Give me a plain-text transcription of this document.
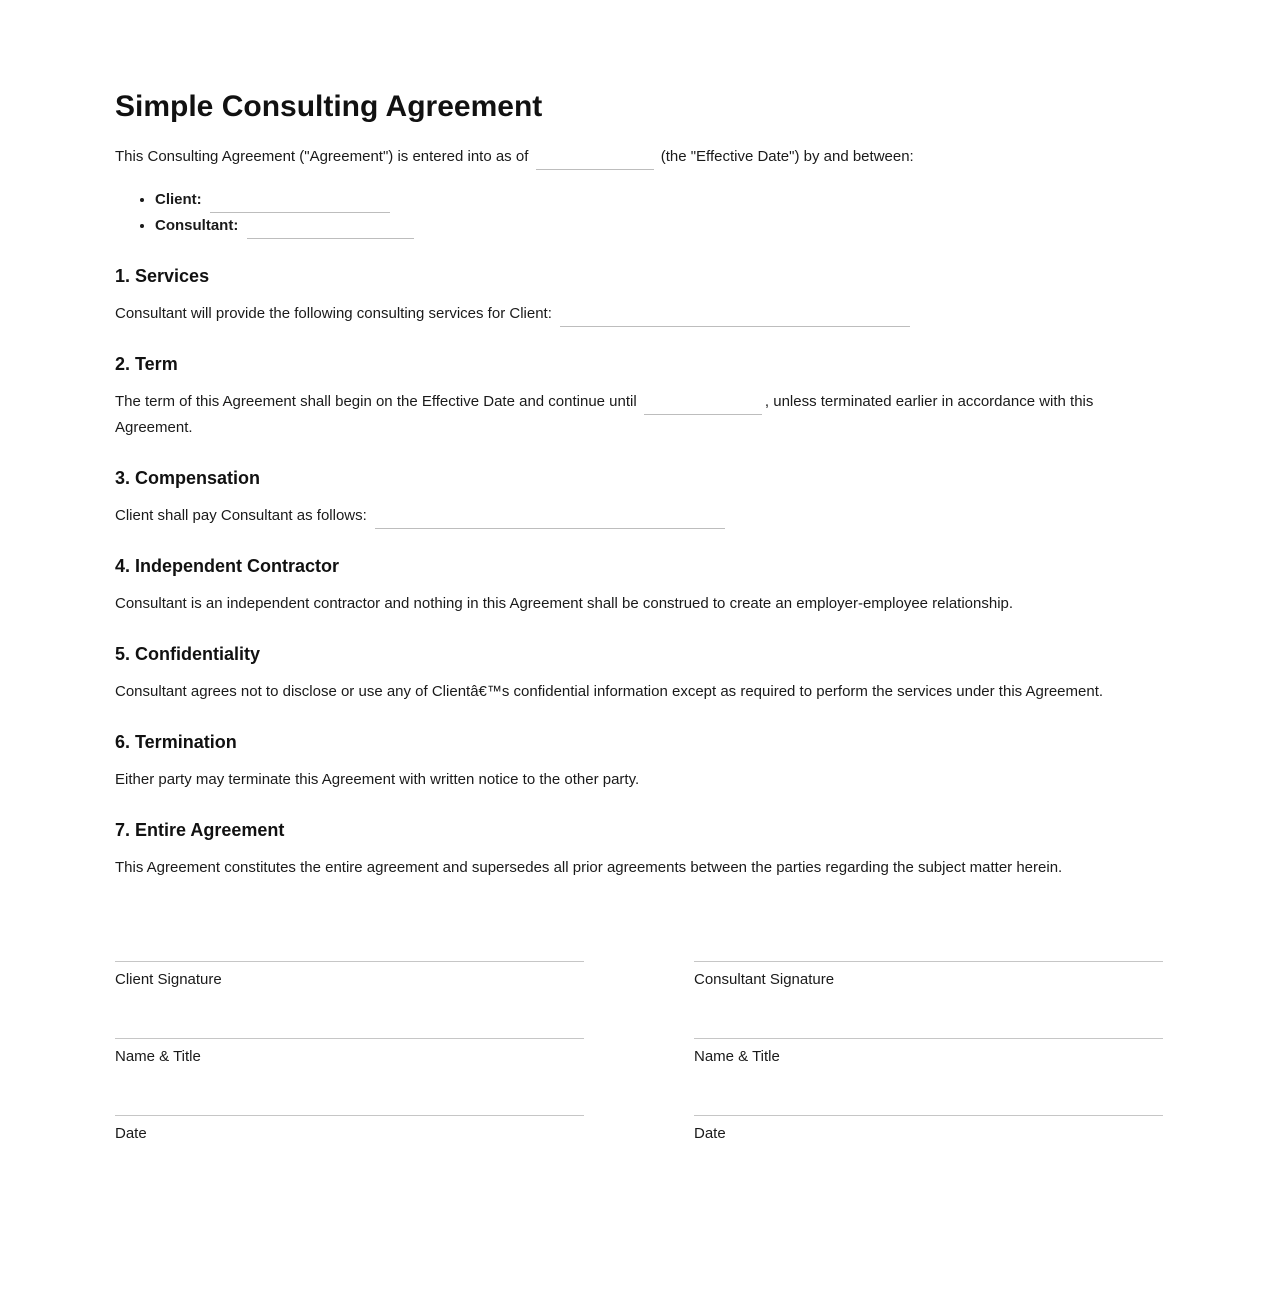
Simple Consulting Agreement

This Consulting Agreement ("Agreement") is entered into as of	(the "Effective Date") by and between:

• Client:
• Consultant:
1. Services

Consultant will provide the following consulting services for Client:

2. Term

The term of this Agreement shall begin on the Effective Date and continue until	, unless terminated earlier in accordance with this Agreement.

3. Compensation

Client shall pay Consultant as follows:

4. Independent Contractor

Consultant is an independent contractor and nothing in this Agreement shall be construed to create an employer-employee relationship.

5. Confidentiality

Consultant agrees not to disclose or use any of Clientâ€™s confidential information except as required to perform the services under this Agreement.

6. Termination

Either party may terminate this Agreement with written notice to the other party.

7. Entire Agreement

This Agreement constitutes the entire agreement and supersedes all prior agreements between the parties regarding the subject matter herein.

Client Signature
Name & Title
Date
Consultant Signature
Name & Title
Date
